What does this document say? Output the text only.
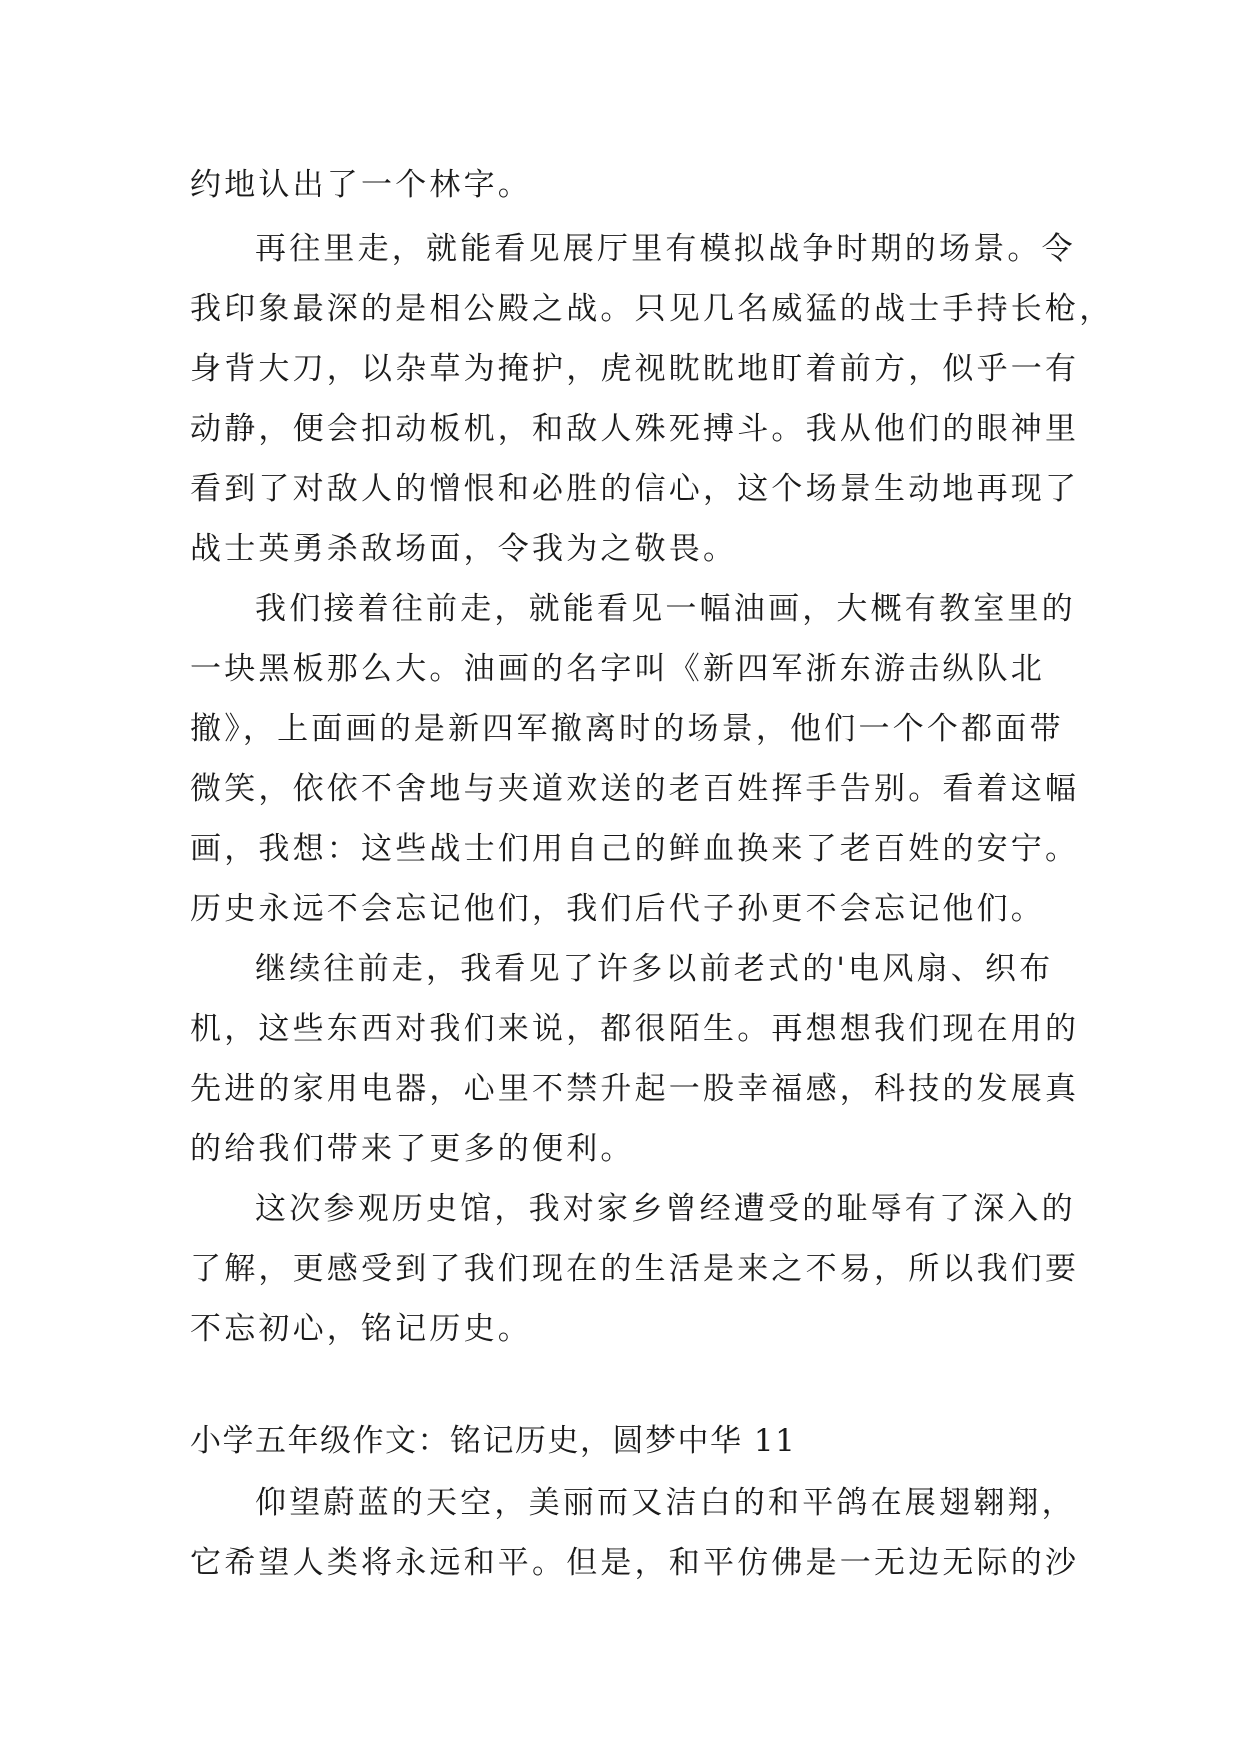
约地认出了一个林字。
再往里走，就能看见展厅里有模拟战争时期的场景。令
我印象最深的是相公殿之战。只见几名威猛的战士手持长枪，
身背大刀，以杂草为掩护，虎视眈眈地盯着前方，似乎一有
动静，便会扣动板机，和敌人殊死搏斗。我从他们的眼神里
看到了对敌人的憎恨和必胜的信心，这个场景生动地再现了
战士英勇杀敌场面，令我为之敬畏。
我们接着往前走，就能看见一幅油画，大概有教室里的
一块黑板那么大。油画的名字叫《新四军浙东游击纵队北
撤》，上面画的是新四军撤离时的场景，他们一个个都面带
微笑，依依不舍地与夹道欢送的老百姓挥手告别。看着这幅
画，我想：这些战士们用自己的鲜血换来了老百姓的安宁。
历史永远不会忘记他们，我们后代子孙更不会忘记他们。
继续往前走，我看见了许多以前老式的'电风扇、织布
机，这些东西对我们来说，都很陌生。再想想我们现在用的
先进的家用电器，心里不禁升起一股幸福感，科技的发展真
的给我们带来了更多的便利。
这次参观历史馆，我对家乡曾经遭受的耻辱有了深入的
了解，更感受到了我们现在的生活是来之不易，所以我们要
不忘初心，铭记历史。
小学五年级作文：铭记历史，圆梦中华 11
仰望蔚蓝的天空，美丽而又洁白的和平鸽在展翅翱翔，
它希望人类将永远和平。但是，和平仿佛是一无边无际的沙
